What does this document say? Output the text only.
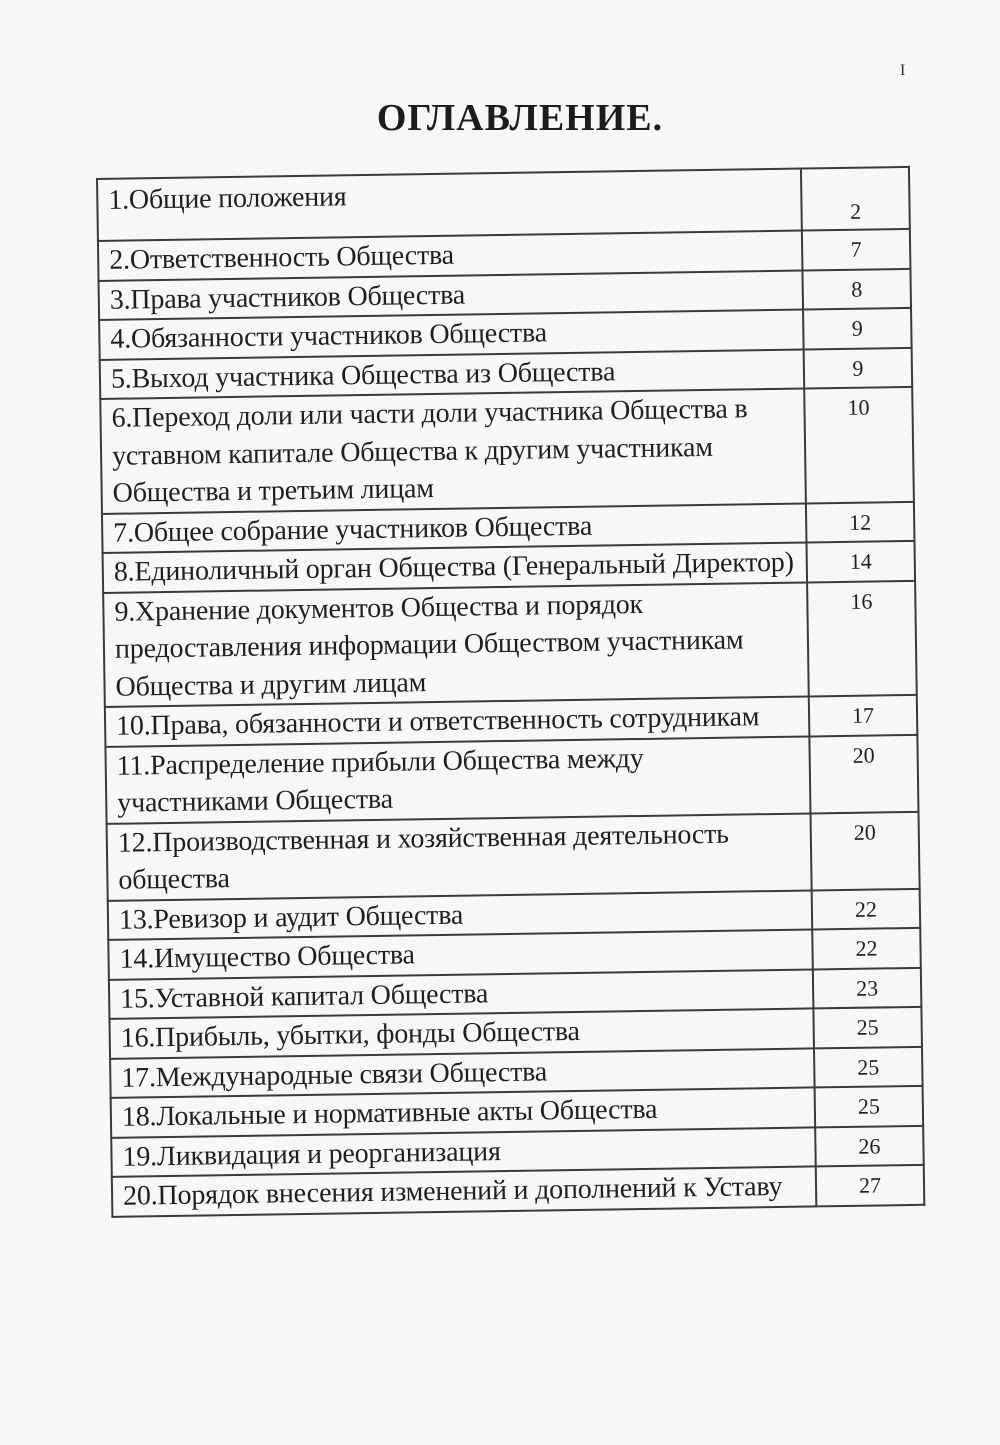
I
ОГЛАВЛЕНИЕ.
1.Общие положения	2
2.Ответственность Общества	7
3.Права участников Общества	8
4.Обязанности участников Общества	9
5.Выход участника Общества из Общества	9
6.Переход доли или части доли участника Общества в уставном капитале Общества к другим участникам Общества и третьим лицам	10
7.Общее собрание участников Общества	12
8.Единоличный орган Общества (Генеральный Директор)	14
9.Хранение документов Общества и порядок предоставления информации Обществом участникам Общества и другим лицам	16
10.Права, обязанности и ответственность сотрудникам	17
11.Распределение прибыли Общества между участниками Общества	20
12.Производственная и хозяйственная деятельность общества	20
13.Ревизор и аудит Общества	22
14.Имущество Общества	22
15.Уставной капитал Общества	23
16.Прибыль, убытки, фонды Общества	25
17.Международные связи Общества	25
18.Локальные и нормативные акты Общества	25
19.Ликвидация и реорганизация	26
20.Порядок внесения изменений и дополнений к Уставу	27
